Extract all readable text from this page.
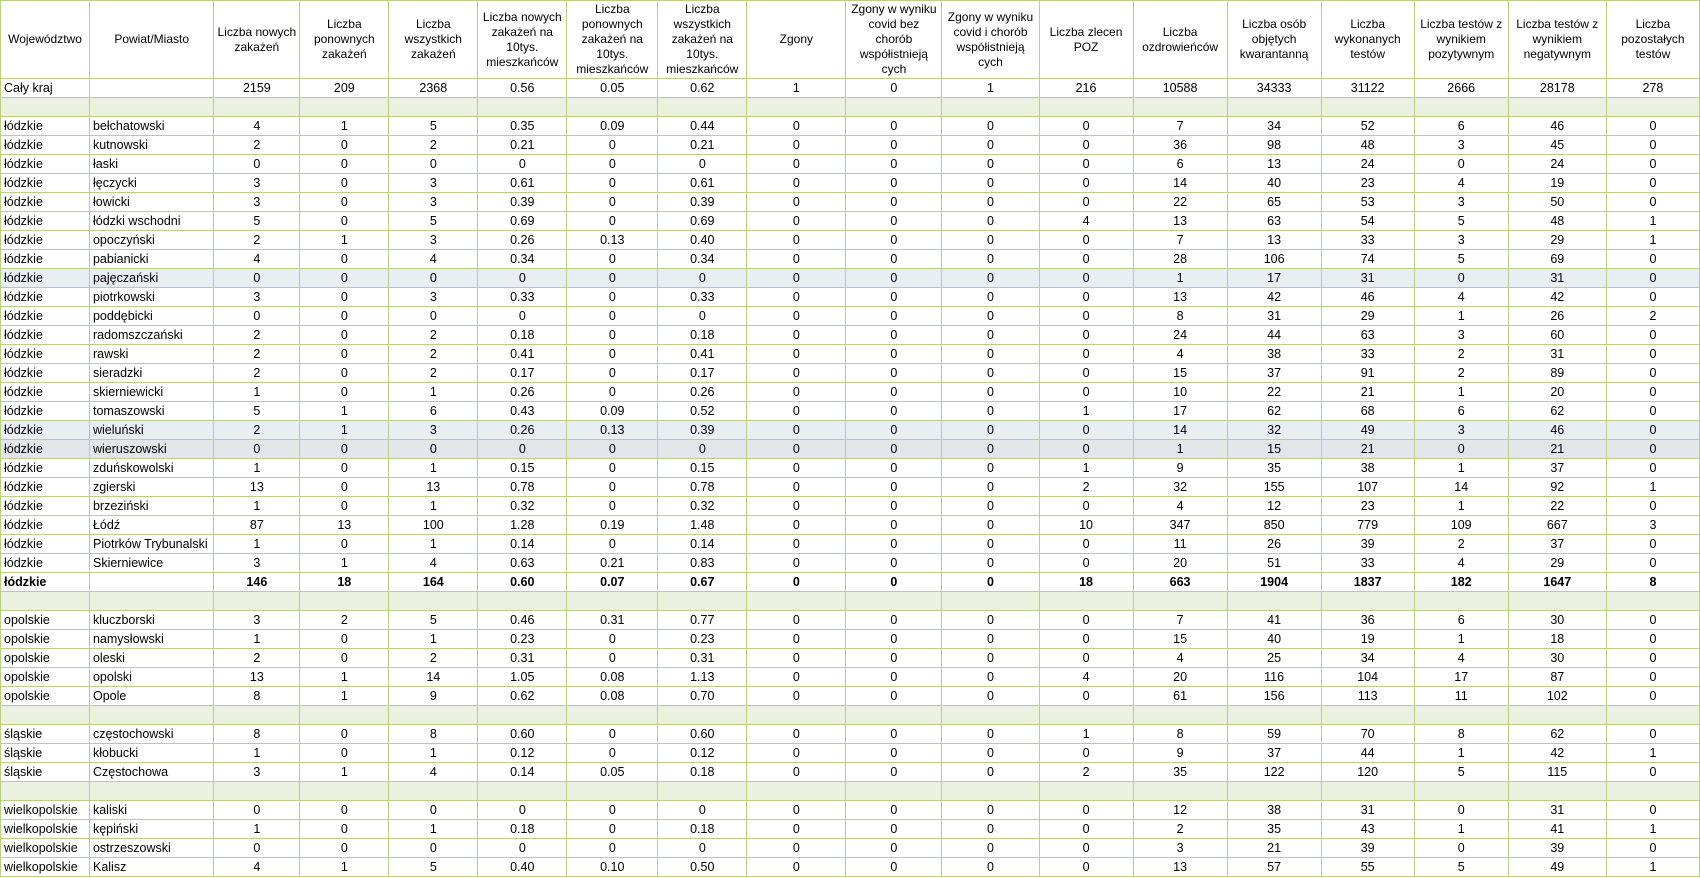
Województwo	Powiat/Miasto	Liczba nowych zakażeń	Liczba ponownych zakażeń	Liczba wszystkich zakażeń	Liczba nowych zakażeń na 10tys. mieszkańców	Liczba ponownych zakażeń na 10tys. mieszkańców	Liczba wszystkich zakażeń na 10tys. mieszkańców	Zgony	Zgony w wyniku covid bez chorób współistnieją cych	Zgony w wyniku covid i chorób współistnieją cych	Liczba zlecen POZ	Liczba ozdrowieńców	Liczba osób objętych kwarantanną	Liczba wykonanych testów	Liczba testów z wynikiem pozytywnym	Liczba testów z wynikiem negatywnym	Liczba pozostałych testów
Cały kraj		2159	209	2368	0.56	0.05	0.62	1	0	1	216	10588	34333	31122	2666	28178	278

łódzkie	bełchatowski	4	1	5	0.35	0.09	0.44	0	0	0	0	7	34	52	6	46	0
łódzkie	kutnowski	2	0	2	0.21	0	0.21	0	0	0	0	36	98	48	3	45	0
łódzkie	łaski	0	0	0	0	0	0	0	0	0	0	6	13	24	0	24	0
łódzkie	łęczycki	3	0	3	0.61	0	0.61	0	0	0	0	14	40	23	4	19	0
łódzkie	łowicki	3	0	3	0.39	0	0.39	0	0	0	0	22	65	53	3	50	0
łódzkie	łódzki wschodni	5	0	5	0.69	0	0.69	0	0	0	4	13	63	54	5	48	1
łódzkie	opoczyński	2	1	3	0.26	0.13	0.40	0	0	0	0	7	13	33	3	29	1
łódzkie	pabianicki	4	0	4	0.34	0	0.34	0	0	0	0	28	106	74	5	69	0
łódzkie	pajęczański	0	0	0	0	0	0	0	0	0	0	1	17	31	0	31	0
łódzkie	piotrkowski	3	0	3	0.33	0	0.33	0	0	0	0	13	42	46	4	42	0
łódzkie	poddębicki	0	0	0	0	0	0	0	0	0	0	8	31	29	1	26	2
łódzkie	radomszczański	2	0	2	0.18	0	0.18	0	0	0	0	24	44	63	3	60	0
łódzkie	rawski	2	0	2	0.41	0	0.41	0	0	0	0	4	38	33	2	31	0
łódzkie	sieradzki	2	0	2	0.17	0	0.17	0	0	0	0	15	37	91	2	89	0
łódzkie	skierniewicki	1	0	1	0.26	0	0.26	0	0	0	0	10	22	21	1	20	0
łódzkie	tomaszowski	5	1	6	0.43	0.09	0.52	0	0	0	1	17	62	68	6	62	0
łódzkie	wieluński	2	1	3	0.26	0.13	0.39	0	0	0	0	14	32	49	3	46	0
łódzkie	wieruszowski	0	0	0	0	0	0	0	0	0	0	1	15	21	0	21	0
łódzkie	zduńskowolski	1	0	1	0.15	0	0.15	0	0	0	1	9	35	38	1	37	0
łódzkie	zgierski	13	0	13	0.78	0	0.78	0	0	0	2	32	155	107	14	92	1
łódzkie	brzeziński	1	0	1	0.32	0	0.32	0	0	0	0	4	12	23	1	22	0
łódzkie	Łódź	87	13	100	1.28	0.19	1.48	0	0	0	10	347	850	779	109	667	3
łódzkie	Piotrków Trybunalski	1	0	1	0.14	0	0.14	0	0	0	0	11	26	39	2	37	0
łódzkie	Skierniewice	3	1	4	0.63	0.21	0.83	0	0	0	0	20	51	33	4	29	0
łódzkie		146	18	164	0.60	0.07	0.67	0	0	0	18	663	1904	1837	182	1647	8

opolskie	kluczborski	3	2	5	0.46	0.31	0.77	0	0	0	0	7	41	36	6	30	0
opolskie	namysłowski	1	0	1	0.23	0	0.23	0	0	0	0	15	40	19	1	18	0
opolskie	oleski	2	0	2	0.31	0	0.31	0	0	0	0	4	25	34	4	30	0
opolskie	opolski	13	1	14	1.05	0.08	1.13	0	0	0	4	20	116	104	17	87	0
opolskie	Opole	8	1	9	0.62	0.08	0.70	0	0	0	0	61	156	113	11	102	0

śląskie	częstochowski	8	0	8	0.60	0	0.60	0	0	0	1	8	59	70	8	62	0
śląskie	kłobucki	1	0	1	0.12	0	0.12	0	0	0	0	9	37	44	1	42	1
śląskie	Częstochowa	3	1	4	0.14	0.05	0.18	0	0	0	2	35	122	120	5	115	0

wielkopolskie	kaliski	0	0	0	0	0	0	0	0	0	0	12	38	31	0	31	0
wielkopolskie	kępiński	1	0	1	0.18	0	0.18	0	0	0	0	2	35	43	1	41	1
wielkopolskie	ostrzeszowski	0	0	0	0	0	0	0	0	0	0	3	21	39	0	39	0
wielkopolskie	Kalisz	4	1	5	0.40	0.10	0.50	0	0	0	0	13	57	55	5	49	1
